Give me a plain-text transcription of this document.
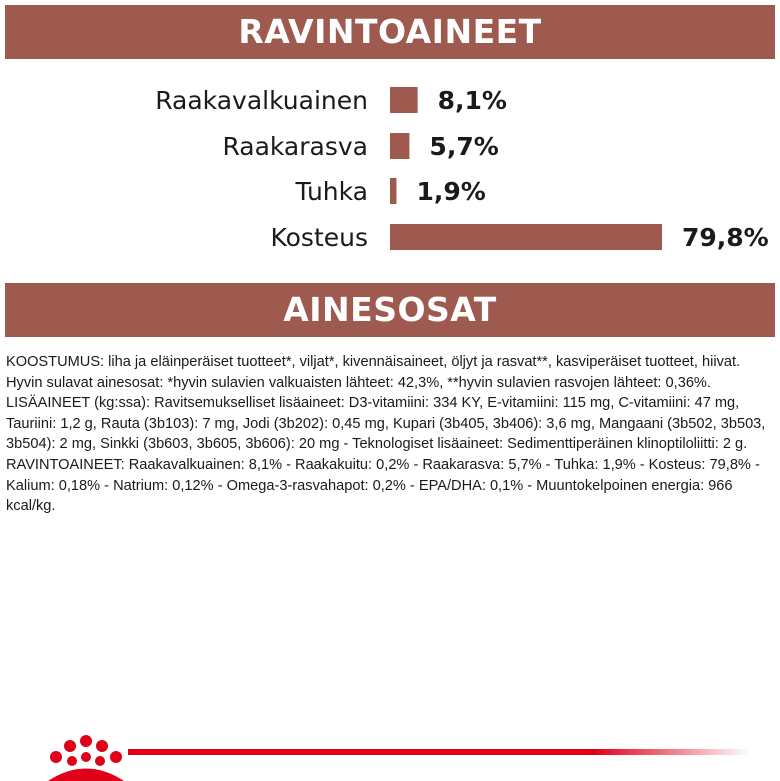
RAVINTOAINEET
Raakavalkuainen	8,1%
Raakarasva 5,7%
Tuhka 1,9%
Kosteus	79,8%
AINESOSAT

KOOSTUMUS: liha ja eläinperäiset tuotteet*, viljat*, kivennäisaineet, öljyt ja rasvat**, kasviperäiset tuotteet, hiivat. Hyvin sulavat ainesosat: *hyvin sulavien valkuaisten lähteet: 42,3%, **hyvin sulavien rasvojen lähteet: 0,36%.

LISÄAINEET (kg:ssa): Ravitsemukselliset lisäaineet: D3-vitamiini: 334 KY, E-vitamiini: 115 mg, C-vitamiini: 47 mg, Tauriini: 1,2 g, Rauta (3b103): 7 mg, Jodi (3b202): 0,45 mg, Kupari (3b405, 3b406): 3,6 mg, Mangaani (3b502, 3b503, 3b504): 2 mg, Sinkki (3b603, 3b605, 3b606): 20 mg - Teknologiset lisäaineet: Sedimenttiperäinen klinoptiloliitti: 2 g.

RAVINTOAINEET: Raakavalkuainen: 8,1% - Raakakuitu: 0,2% - Raakarasva: 5,7% - Tuhka: 1,9% - Kosteus: 79,8% - Kalium: 0,18% - Natrium: 0,12% - Omega-3-rasvahapot: 0,2% - EPA/DHA: 0,1% - Muuntokelpoinen energia: 966 kcal/kg.
